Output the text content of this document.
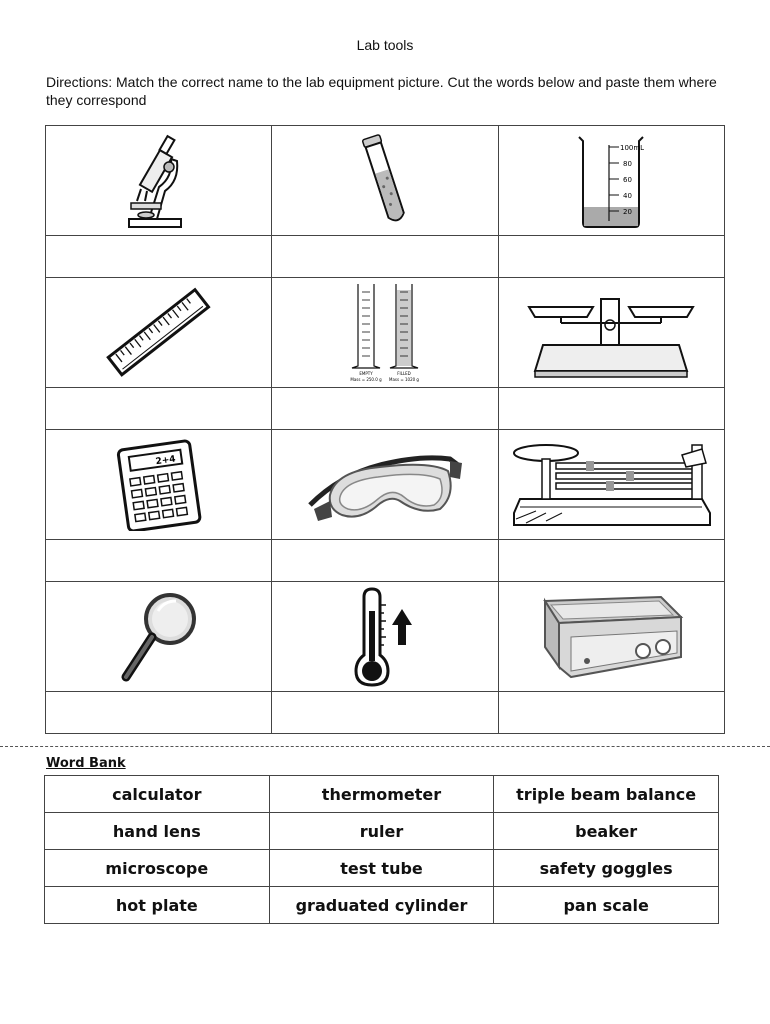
Lab tools
Directions: Match the correct name to the lab equipment picture. Cut the words below and paste them where they correspond

100mL
80
60
40
20

EMPTY
Mass = 250.0 g
FILLED
Mass = 1020 g

2+4

Word Bank
calculator	thermometer	triple beam balance
hand lens	ruler	beaker
microscope	test tube	safety goggles
hot plate	graduated cylinder	pan scale
